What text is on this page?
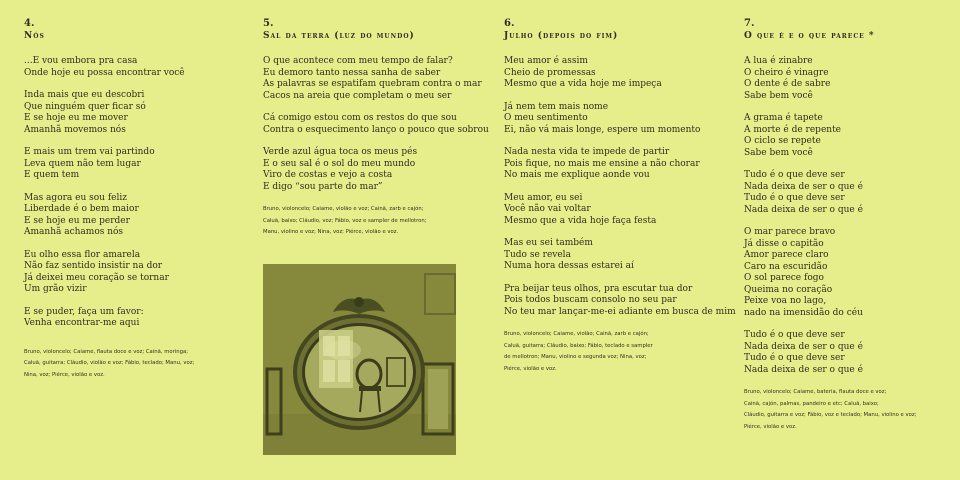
4.
Nós
...E vou embora pra casa
Onde hoje eu possa encontrar você
Inda mais que eu descobri
Que ninguém quer ficar só
E se hoje eu me mover
Amanhã movemos nós
E mais um trem vai partindo
Leva quem não tem lugar
E quem tem
Mas agora eu sou feliz
Liberdade é o bem maior
E se hoje eu me perder
Amanhã achamos nós
Eu olho essa flor amarela
Não faz sentido insistir na dor
Já deixei meu coração se tornar
Um grão vizir
E se puder, faça um favor:
Venha encontrar-me aqui
Bruno, violoncelo; Caiame, flauta doce e voz; Cainã, moringa;
Caluã, guitarra; Cláudio, violão e voz; Fábio, teclado; Manu, voz;
Nina, voz; Piérce, violão e voz.
5.
Sal da terra (luz do mundo)
O que acontece com meu tempo de falar?
Eu demoro tanto nessa sanha de saber
As palavras se espatifam quebram contra o mar
Cacos na areia que completam o meu ser
Cá comigo estou com os restos do que sou
Contra o esquecimento lanço o pouco que sobrou
Verde azul água toca os meus pés
E o seu sal é o sol do meu mundo
Viro de costas e vejo a costa
E digo “sou parte do mar”
Bruno, violoncelo; Caiame, violão e voz; Cainã, zarb e cajón;
Caluã, baixo; Cláudio, voz; Fábio, voz e sampler de mellotron;
Manu, violino e voz; Nina, voz; Piérce, violão e voz.
6.
Julho (depois do fim)
Meu amor é assim
Cheio de promessas
Mesmo que a vida hoje me impeça
Já nem tem mais nome
O meu sentimento
Ei, não vá mais longe, espere um momento
Nada nesta vida te impede de partir
Pois fique, no mais me ensine a não chorar
No mais me explique aonde vou
Meu amor, eu sei
Você não vai voltar
Mesmo que a vida hoje faça festa
Mas eu sei também
Tudo se revela
Numa hora dessas estarei aí
Pra beijar teus olhos, pra escutar tua dor
Pois todos buscam consolo no seu par
No teu mar lançar-me-ei adiante em busca de mim
Bruno, violoncelo; Caiame, violão; Cainã, zarb e cajón;
Caluã, guitarra; Cláudio, baixo; Fábio, teclado e sampler
de mellotron; Manu, violino e segunda voz; Nina, voz;
Piérce, violão e voz.
7.
O que é e o que parece *
A lua é zinabre
O cheiro é vinagre
O dente é de sabre
Sabe bem você
A grama é tapete
A morte é de repente
O ciclo se repete
Sabe bem você
Tudo é o que deve ser
Nada deixa de ser o que é
Tudo é o que deve ser
Nada deixa de ser o que é
O mar parece bravo
Já disse o capitão
Amor parece claro
Caro na escuridão
O sol parece fogo
Queima no coração
Peixe voa no lago,
nado na imensidão do céu
Tudo é o que deve ser
Nada deixa de ser o que é
Tudo é o que deve ser
Nada deixa de ser o que é
Bruno, violoncelo; Caiame, bateria, flauta doce e voz;
Cainã, cajón, palmas, pandeiro e etc; Caluã, baixo;
Cláudio, guitarra e voz; Fábio, voz e teclado; Manu, violino e voz;
Piérce, violão e voz.
